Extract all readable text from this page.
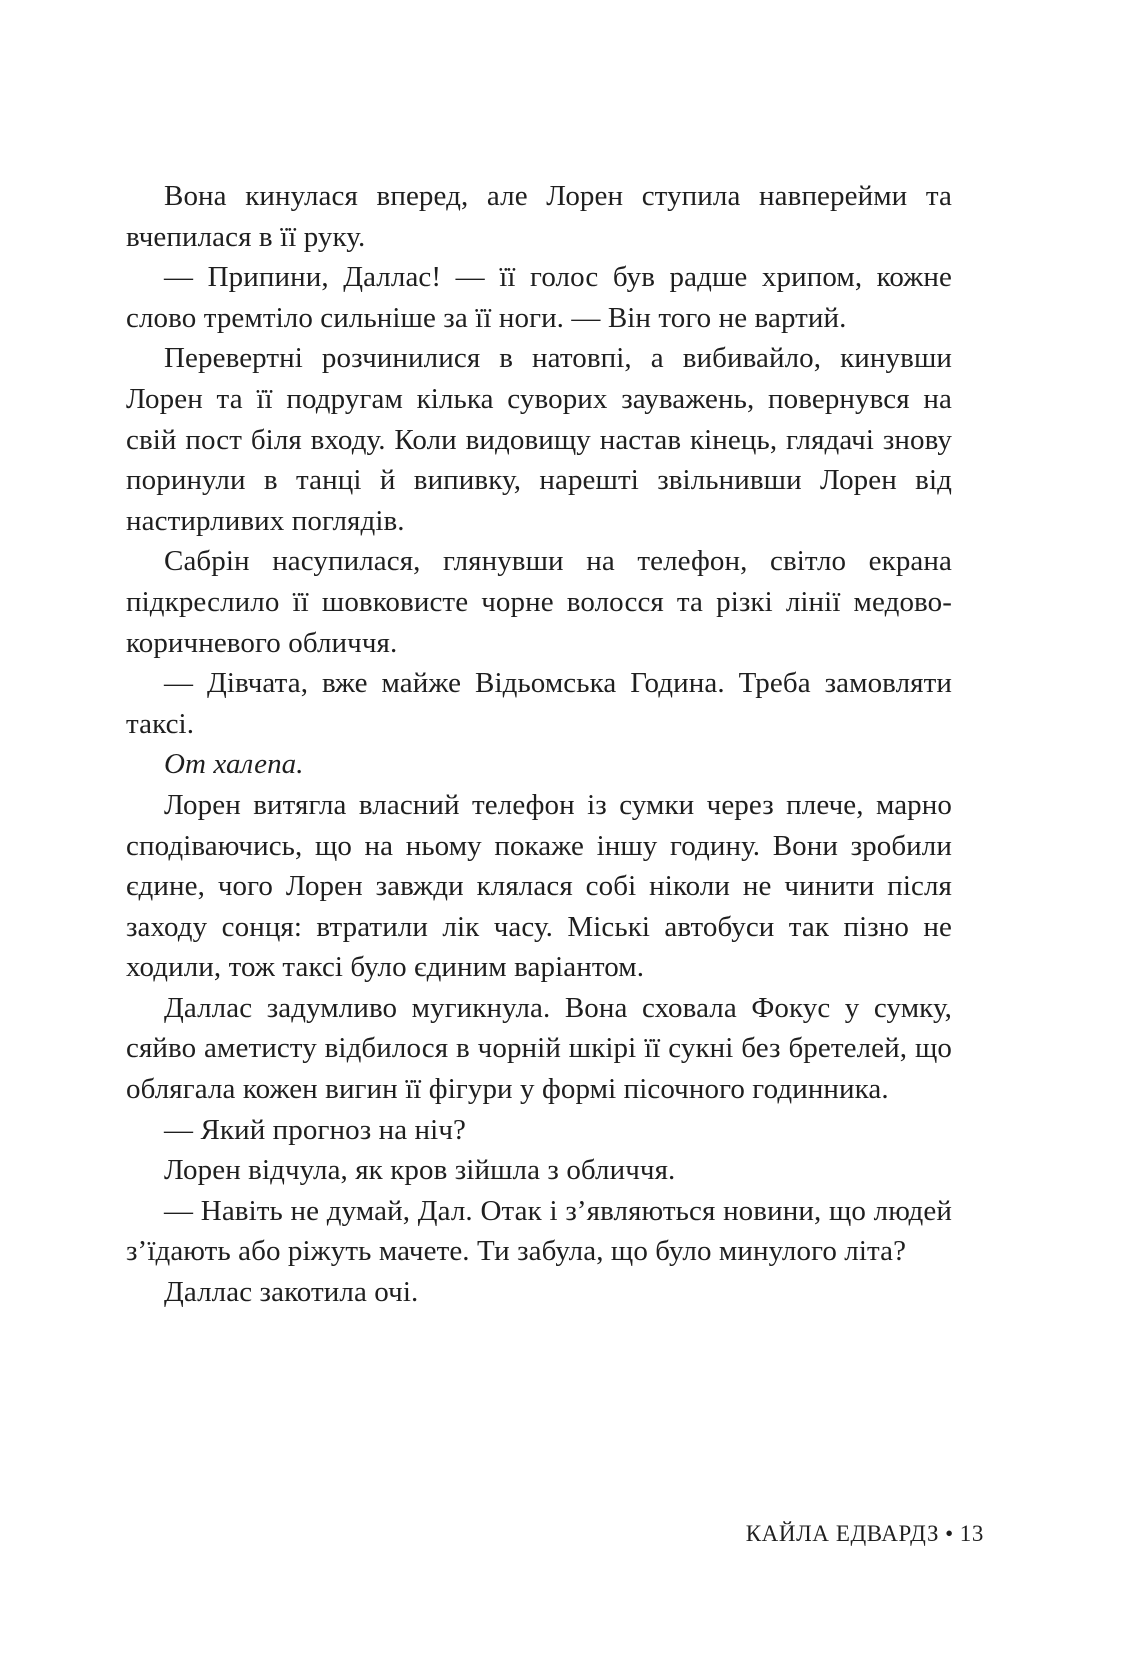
Вона кинулася вперед, але Лорен ступила навперейми та вчепилася в її руку.

— Припини, Даллас! — її голос був радше хрипом, кожне слово тремтіло сильніше за її ноги. — Він того не вартий.

Перевертні розчинилися в натовпі, а вибивайло, кинувши Лорен та її подругам кілька суворих зауважень, повернувся на свій пост біля входу. Коли видовищу настав кінець, глядачі знову поринули в танці й випивку, нарешті звільнивши Лорен від настирливих поглядів.

Сабрін насупилася, глянувши на телефон, світло екрана підкреслило її шовковисте чорне волосся та різкі лінії медово-коричневого обличчя.

— Дівчата, вже майже Відьомська Година. Треба замовляти таксі.

От халепа.

Лорен витягла власний телефон із сумки через плече, марно сподіваючись, що на ньому покаже іншу годину. Вони зробили єдине, чого Лорен завжди клялася собі ніколи не чинити після заходу сонця: втратили лік часу. Міські автобуси так пізно не ходили, тож таксі було єдиним варіантом.

Даллас задумливо мугикнула. Вона сховала Фокус у сумку, сяйво аметисту відбилося в чорній шкірі її сукні без бретелей, що облягала кожен вигин її фігури у формі пісочного годинника.

— Який прогноз на ніч?

Лорен відчула, як кров зійшла з обличчя.

— Навіть не думай, Дал. Отак і з’являються новини, що людей з’їдають або ріжуть мачете. Ти забула, що було минулого літа?

Даллас закотила очі.

КАЙЛА ЕДВАРДЗ • 13
